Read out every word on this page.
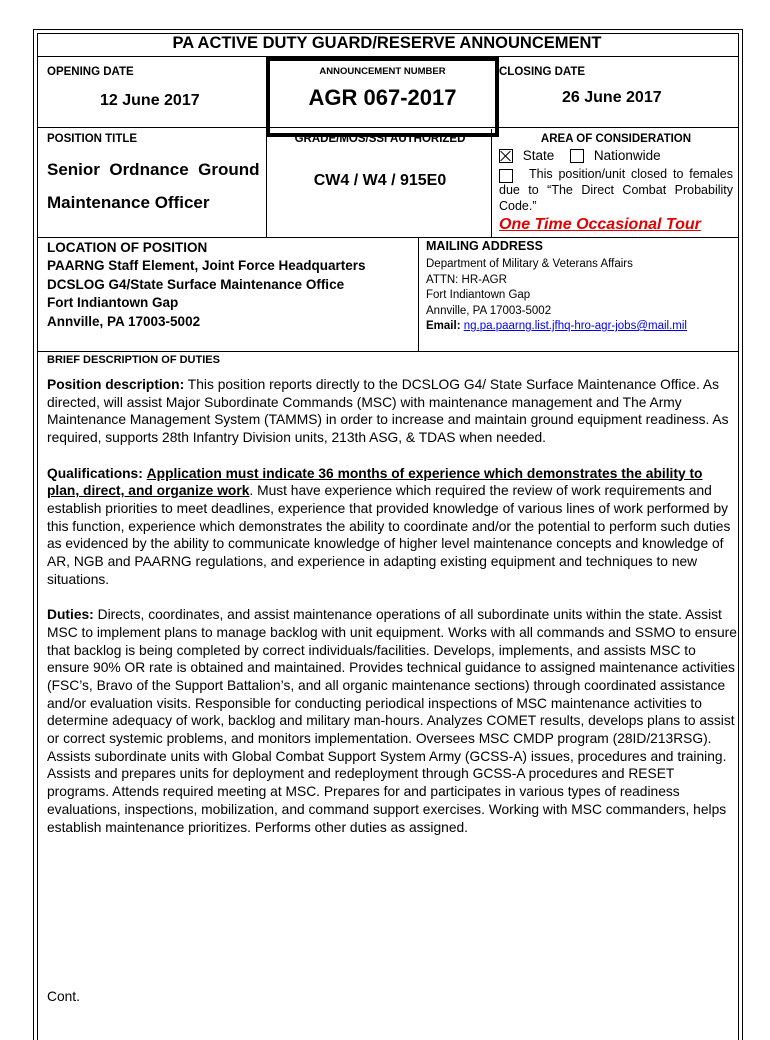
PA ACTIVE DUTY GUARD/RESERVE ANNOUNCEMENT
OPENING DATE
12 June 2017
ANNOUNCEMENT NUMBER
AGR 067-2017
CLOSING DATE
26 June 2017
POSITION TITLE
Senior  Ordnance  Ground
Maintenance Officer
GRADE/MOS/SSI AUTHORIZED
CW4 / W4 / 915E0
AREA OF CONSIDERATION
State	Nationwide
This position/unit closed to females due to “The Direct Combat Probability Code.”
One Time Occasional Tour
LOCATION OF POSITION
PAARNG Staff Element, Joint Force Headquarters
DCSLOG G4/State Surface Maintenance Office
Fort Indiantown Gap
Annville, PA 17003-5002
MAILING ADDRESS
Department of Military & Veterans Affairs
ATTN: HR-AGR
Fort Indiantown Gap
Annville, PA 17003-5002
Email: ng.pa.paarng.list.jfhq-hro-agr-jobs@mail.mil
BRIEF DESCRIPTION OF DUTIES

Position description: This position reports directly to the DCSLOG G4/ State Surface Maintenance Office. As directed, will assist Major Subordinate Commands (MSC) with maintenance management and The Army Maintenance Management System (TAMMS) in order to increase and maintain ground equipment readiness. As required, supports 28th Infantry Division units, 213th ASG, & TDAS when needed.

Qualifications: Application must indicate 36 months of experience which demonstrates the ability to plan, direct, and organize work. Must have experience which required the review of work requirements and establish priorities to meet deadlines, experience that provided knowledge of various lines of work performed by this function, experience which demonstrates the ability to coordinate and/or the potential to perform such duties as evidenced by the ability to communicate knowledge of higher level maintenance concepts and knowledge of AR, NGB and PAARNG regulations, and experience in adapting existing equipment and techniques to new situations.

Duties: Directs, coordinates, and assist maintenance operations of all subordinate units within the state. Assist MSC to implement plans to manage backlog with unit equipment. Works with all commands and SSMO to ensure that backlog is being completed by correct individuals/facilities. Develops, implements, and assists MSC to ensure 90% OR rate is obtained and maintained. Provides technical guidance to assigned maintenance activities (FSC’s, Bravo of the Support Battalion’s, and all organic maintenance sections) through coordinated assistance and/or evaluation visits. Responsible for conducting periodical inspections of MSC maintenance activities to determine adequacy of work, backlog and military man-hours. Analyzes COMET results, develops plans to assist or correct systemic problems, and monitors implementation. Oversees MSC CMDP program (28ID/213RSG). Assists subordinate units with Global Combat Support System Army (GCSS-A) issues, procedures and training. Assists and prepares units for deployment and redeployment through GCSS-A procedures and RESET programs. Attends required meeting at MSC. Prepares for and participates in various types of readiness evaluations, inspections, mobilization, and command support exercises. Working with MSC commanders, helps establish maintenance prioritizes. Performs other duties as assigned.

Cont.
